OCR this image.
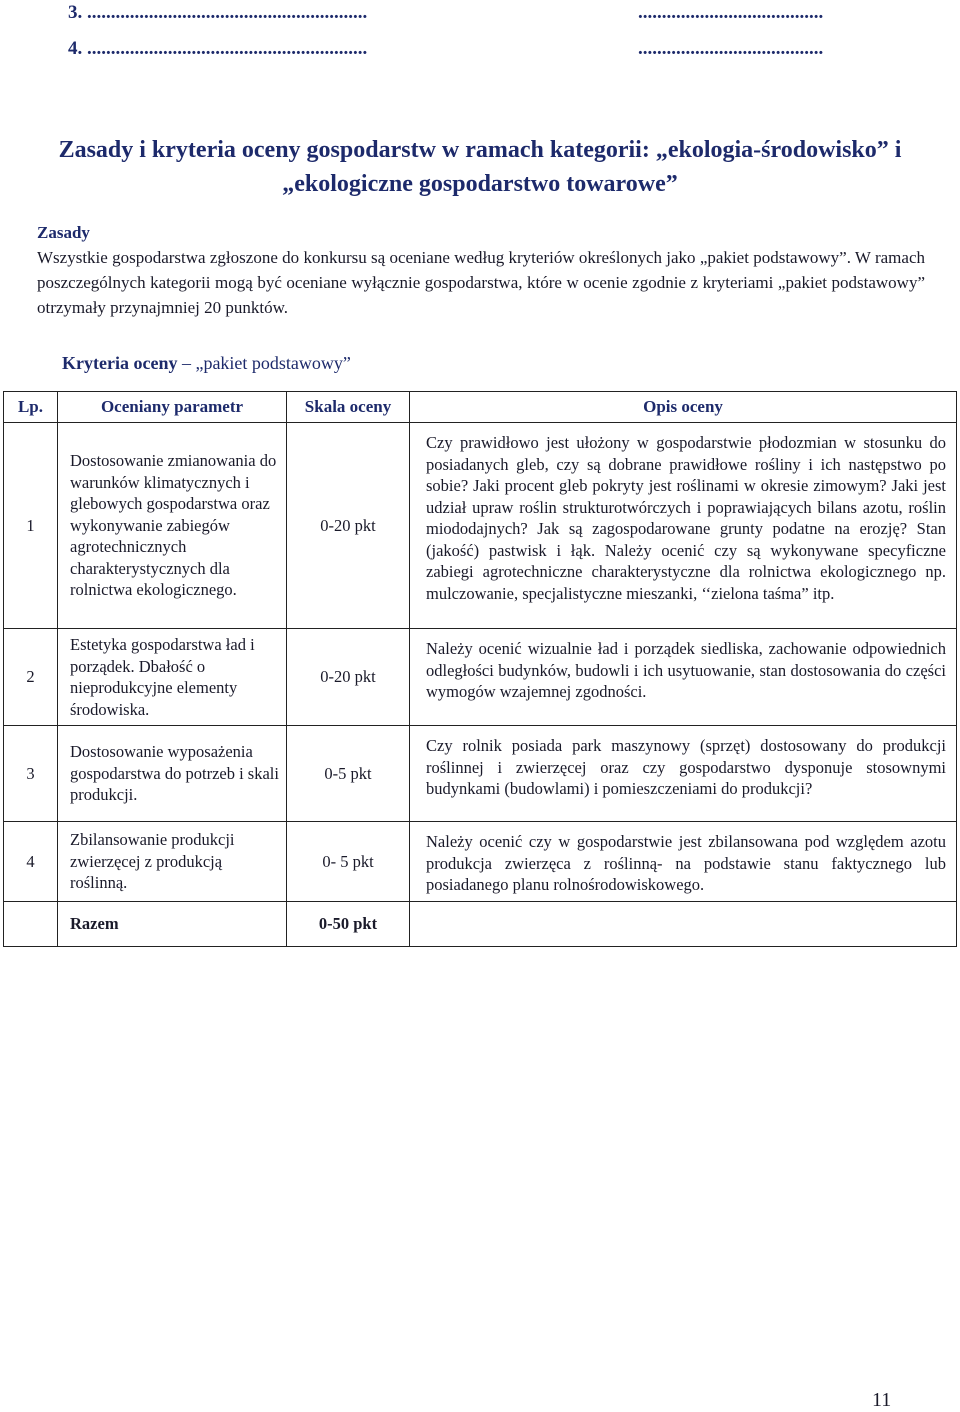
3. ...........................................................	.......................................
4. ...........................................................	.......................................
Zasady i kryteria oceny gospodarstw w ramach kategorii: „ekologia-środowisko” i „ekologiczne gospodarstwo towarowe”
Zasady
Wszystkie gospodarstwa zgłoszone do konkursu są oceniane według kryteriów określonych jako „pakiet podstawowy”. W ramach poszczególnych kategorii mogą być oceniane wyłącznie gospodarstwa, które w ocenie zgodnie z kryteriami „pakiet podstawowy” otrzymały przynajmniej 20 punktów.
Kryteria oceny – „pakiet podstawowy”
Lp.	Oceniany parametr	Skala oceny	Opis oceny
1	Dostosowanie zmianowania do warunków klimatycznych i glebowych gospodarstwa oraz wykonywanie zabiegów agrotechnicznych charakterystycznych dla rolnictwa ekologicznego.	0-20 pkt	Czy prawidłowo jest ułożony w gospodarstwie płodozmian w stosunku do posiadanych gleb, czy są dobrane prawidłowe rośliny i ich następstwo po sobie? Jaki procent gleb pokryty jest roślinami w okresie zimowym? Jaki jest udział upraw roślin strukturotwórczych i poprawiających bilans azotu, roślin miododajnych? Jak są zagospodarowane grunty podatne na erozję? Stan (jakość) pastwisk i łąk. Należy ocenić czy są wykonywane specyficzne zabiegi agrotechniczne charakterystyczne dla rolnictwa ekologicznego np. mulczowanie, specjalistyczne mieszanki, ‘‘zielona taśma” itp.
2	Estetyka gospodarstwa ład i porządek. Dbałość o nieprodukcyjne elementy środowiska.	0-20 pkt	Należy ocenić wizualnie ład i porządek siedliska, zachowanie odpowiednich odległości budynków, budowli i ich usytuowanie, stan dostosowania do części wymogów wzajemnej zgodności.
3	Dostosowanie wyposażenia gospodarstwa do potrzeb i skali produkcji.	0-5 pkt	Czy rolnik posiada park maszynowy (sprzęt) dostosowany do produkcji roślinnej i zwierzęcej oraz czy gospodarstwo dysponuje stosownymi budynkami (budowlami) i pomieszczeniami do produkcji?
4	Zbilansowanie produkcji zwierzęcej z produkcją roślinną.	0- 5 pkt	Należy ocenić czy w gospodarstwie jest zbilansowana pod względem azotu produkcja zwierzęca z roślinną- na podstawie stanu faktycznego lub posiadanego planu rolnośrodowiskowego.
	Razem	0-50 pkt	
11
